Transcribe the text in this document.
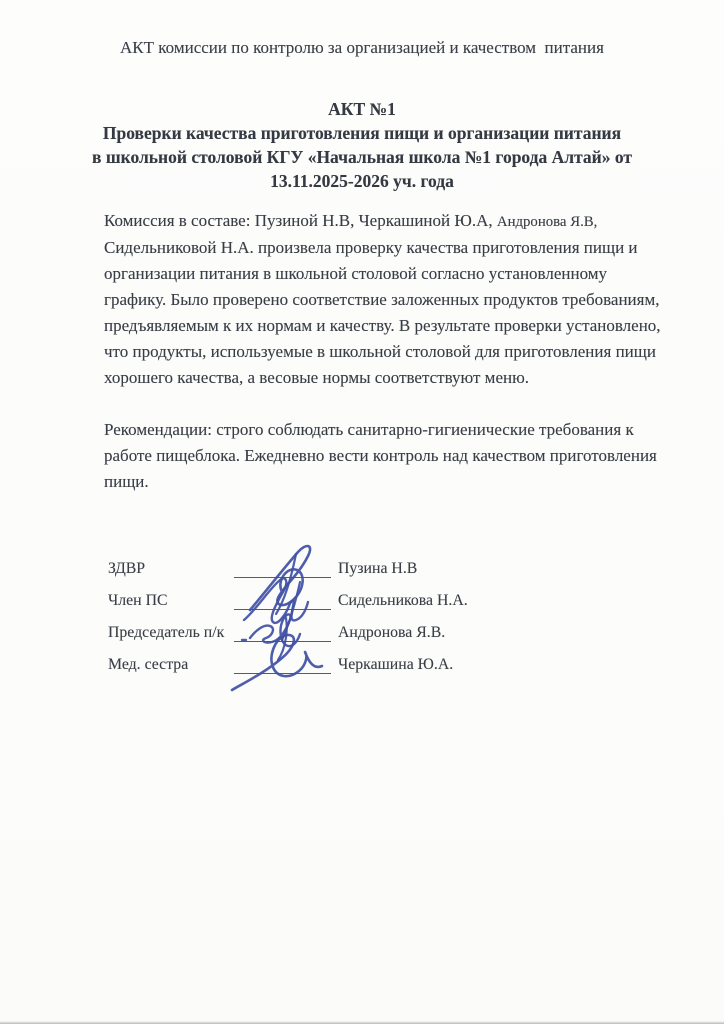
АКТ комиссии по контролю за организацией и качеством  питания
АКТ №1
Проверки качества приготовления пищи и организации питания
в школьной столовой КГУ «Начальная школа №1 города Алтай» от
13.11.2025-2026 уч. года
Комиссия в составе: Пузиной Н.В, Черкашиной Ю.А, Андронова Я.В,
Сидельниковой Н.А. произвела проверку качества приготовления пищи и
организации питания в школьной столовой согласно установленному
графику. Было проверено соответствие заложенных продуктов требованиям,
предъявляемым к их нормам и качеству. В результате проверки установлено,
что продукты, используемые в школьной столовой для приготовления пищи
хорошего качества, а весовые нормы соответствуют меню.
Рекомендации: строго соблюдать санитарно-гигиенические требования к
работе пищеблока. Ежедневно вести контроль над качеством приготовления
пищи.
ЗДВР	Пузина Н.В
Член ПС	Сидельникова Н.А.
Председатель п/к	Андронова Я.В.
Мед. сестра	Черкашина Ю.А.
